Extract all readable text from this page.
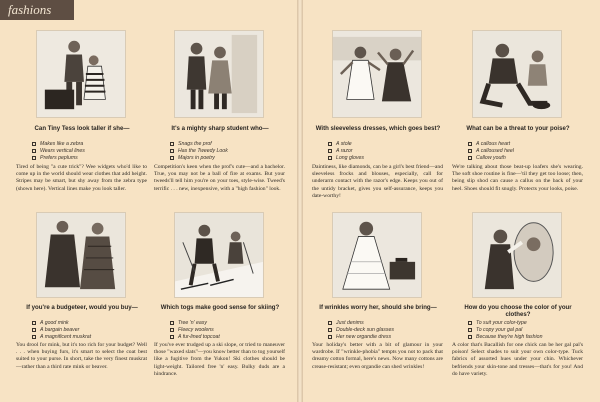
fashions
Can Tiny Tess look taller if she—
Makes like a zebra
Wears vertical lines
Prefers peplums
Tired of being "a cute trick"? Wee widgets who'd like to come up in the world should wear clothes that add height. Stripes may be smart, but shy away from the zebra type (shown here). Vertical lines make you look taller.
It's a mighty sharp student who—
Snags the prof
Has the Tweedy Look
Majors in poetry
Competition's keen when the prof's cute—and a bachelor. True, you may not be a ball of fire at exams. But your tweeds'll tell him you're on your toes, style-wise. Tweed's terrific . . . new, inexpensive, with a "high fashion" look.
If you're a budgeteer, would you buy—
A good mink
A bargain beaver
A magnificent muskrat
You drool for mink, but it's too rich for your budget? Well . . . when buying furs, it's smart to select the coat best suited to your purse. In short, take the very finest muskrat—rather than a third rate mink or beaver.
Which togs make good sense for skiing?
Tree 'n' easy
Fleecy woolens
A fur-lined topcoat
If you've ever trudged up a ski slope, or tried to maneuver those "waxed slats"—you know better than to tog yourself like a fugitive from the Yukon! Ski clothes should be light-weight. Tailored free 'n' easy. Bulky duds are a hindrance.
With sleeveless dresses, which goes best?
A stole
A razor
Long gloves
Daintiness, like diamonds, can be a girl's best friend—and sleeveless frocks and blouses, especially, call for underarm contact with the razor's edge. Keeps you out of the untidy bracket, gives you self-assurance, keeps you date-worthy!
What can be a threat to your poise?
A callous heart
A calloused heel
Callow youth
We're talking about those beat-up loafers she's wearing. The soft shoe routine is fine—'til they get too loose; then, being slip shod can cause a callus on the back of your heel. Shoes should fit snugly. Protects your looks, poise.
If wrinkles worry her, should she bring—
Just denims
Double-deck sun glasses
Her new organdie dress
Your holiday's better with a bit of glamour in your wardrobe. If "wrinkle-phobia" tempts you not to pack that dreamy cotton formal, here's news. Now many cottons are crease-resistant; even organdie can shed wrinkles!
How do you choose the color of your clothes?
To suit your color-type
To copy your gal pal
Because they're high fashion
A color that's Bacallish for one chick can be her gal pal's poison! Select shades to suit your own color-type. Tuck fabrics of assorted hues under your chin. Whichever befriends your skin-tone and tresses—that's for you! And do have variety.
